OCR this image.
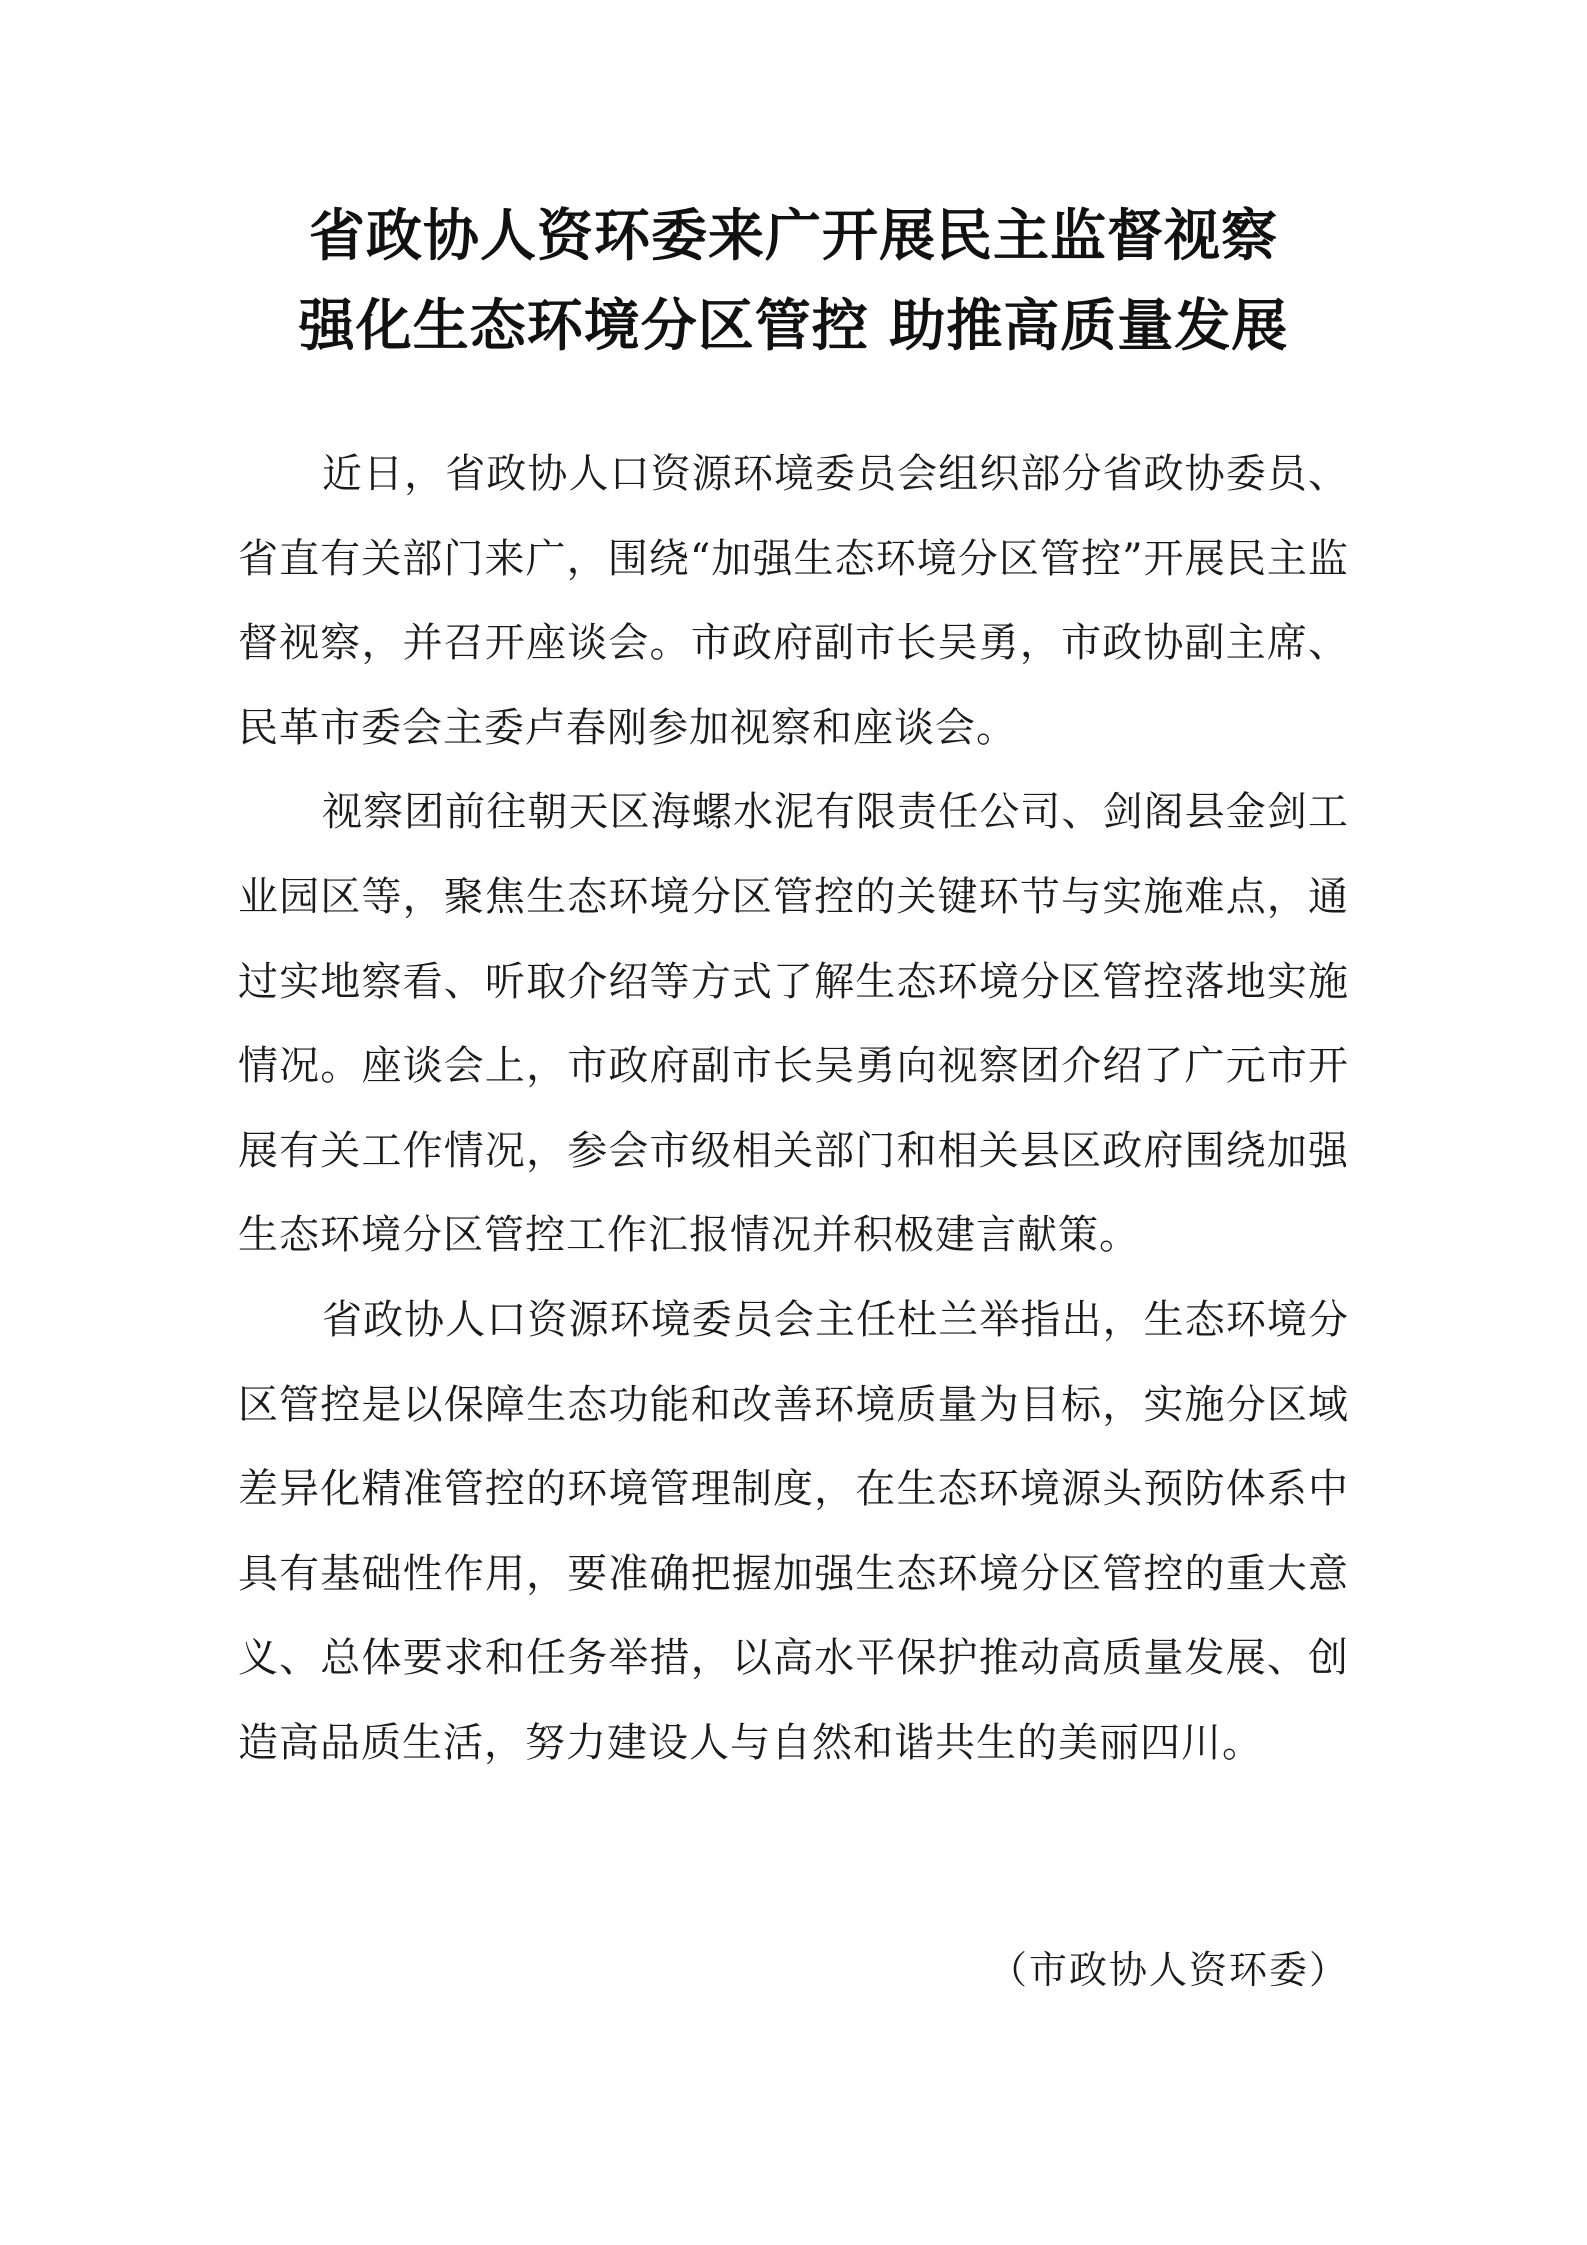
省政协人资环委来广开展民主监督视察
强化生态环境分区管控 助推高质量发展

近日，省政协人口资源环境委员会组织部分省政协委员、省直有关部门来广，围绕“加强生态环境分区管控”开展民主监督视察，并召开座谈会。市政府副市长吴勇，市政协副主席、民革市委会主委卢春刚参加视察和座谈会。

视察团前往朝天区海螺水泥有限责任公司、剑阁县金剑工业园区等，聚焦生态环境分区管控的关键环节与实施难点，通过实地察看、听取介绍等方式了解生态环境分区管控落地实施情况。座谈会上，市政府副市长吴勇向视察团介绍了广元市开展有关工作情况，参会市级相关部门和相关县区政府围绕加强生态环境分区管控工作汇报情况并积极建言献策。

省政协人口资源环境委员会主任杜兰举指出，生态环境分区管控是以保障生态功能和改善环境质量为目标，实施分区域差异化精准管控的环境管理制度，在生态环境源头预防体系中具有基础性作用，要准确把握加强生态环境分区管控的重大意义、总体要求和任务举措，以高水平保护推动高质量发展、创造高品质生活，努力建设人与自然和谐共生的美丽四川。

（市政协人资环委）
